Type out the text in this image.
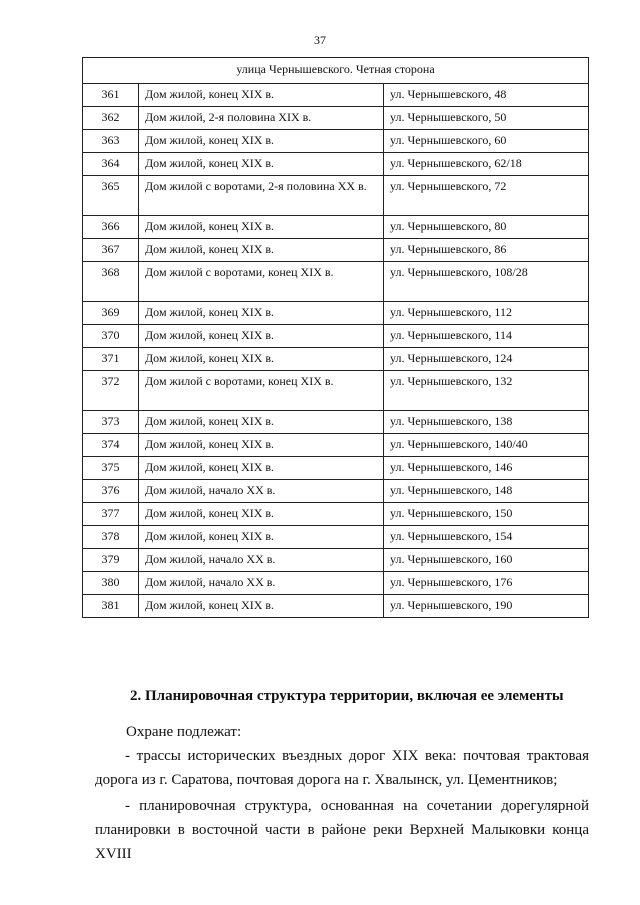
37
улица Чернышевского. Четная сторона		
361	Дом жилой, конец XIX в.	ул. Чернышевского, 48
362	Дом жилой, 2-я половина XIX в.	ул. Чернышевского, 50
363	Дом жилой, конец XIX в.	ул. Чернышевского, 60
364	Дом жилой, конец XIX в.	ул. Чернышевского, 62/18
365	Дом жилой с воротами, 2-я половина XX в.	ул. Чернышевского, 72
366	Дом жилой, конец XIX в.	ул. Чернышевского, 80
367	Дом жилой, конец XIX в.	ул. Чернышевского, 86
368	Дом жилой с воротами, конец XIX в.	ул. Чернышевского, 108/28
369	Дом жилой, конец XIX в.	ул. Чернышевского, 112
370	Дом жилой, конец XIX в.	ул. Чернышевского, 114
371	Дом жилой, конец XIX в.	ул. Чернышевского, 124
372	Дом жилой с воротами, конец XIX в.	ул. Чернышевского, 132
373	Дом жилой, конец XIX в.	ул. Чернышевского, 138
374	Дом жилой, конец XIX в.	ул. Чернышевского, 140/40
375	Дом жилой, конец XIX в.	ул. Чернышевского, 146
376	Дом жилой, начало XX в.	ул. Чернышевского, 148
377	Дом жилой, конец XIX в.	ул. Чернышевского, 150
378	Дом жилой, конец XIX в.	ул. Чернышевского, 154
379	Дом жилой, начало XX в.	ул. Чернышевского, 160
380	Дом жилой, начало XX в.	ул. Чернышевского, 176
381	Дом жилой, конец XIX в.	ул. Чернышевского, 190
2. Планировочная структура территории, включая ее элементы
Охране подлежат:

- трассы исторических въездных дорог XIX века: почтовая трактовая дорога из г. Саратова, почтовая дорога на г. Хвалынск, ул. Цементников;

- планировочная структура, основанная на сочетании дорегулярной планировки в восточной части в районе реки Верхней Малыковки конца XVIII
